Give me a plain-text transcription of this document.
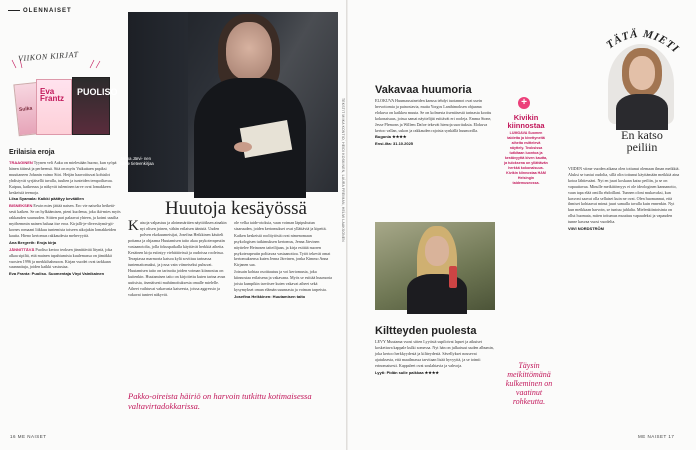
OLENNAISET
VIIKON KIRJAT
Sulka
Eva Frantz
PUOLISO
Erilaisia eroja

TRAAGINEN Tyynen veli Aaku on mielestään huono, kun syöpä hänen äitinsä ja perheensä. Sitä on myös Vaikuttaen papiksi muuttaneen Johanin vaimo Siiri. Heijän haavoittuvat kohtalot yhdistyvät syrjäisellä tuvalla, tuulten ja tunteiden tempoiltavaa. Kaipuu, katkeruus ja näkyvät tuleminen tarve ovat lomakkeen keskeisiä teemoja.

Liisa Syamala: Kaikki päättyy keväällen

BISNEKSEN Erwin mies jättää naisen. Ero vie naiselta heiketä- sesti kaiken. Se on hylkäämisen, pieni kuolema, joka ikä-mies myös rakkauden suuruuden. Siitten pari palaavat yhteen, ja koimi uusilta myöhemmin nainen haluaa itse eroa. Kirjalli-je-diversitymä-git-kornes romaani liikkuu tuntemista toiseen aikojakin lomakkeiden kautta. Hieno kertomus rakkaudesta mehevyyttä.

Ana Bergreth: Eroja kirja

JÄNNITTÄVÄ Puoliso kertoo teoksen jännittävää lityntä, joka alkaa sipiltä, että mainen tapahtumista kuulemassa on jämäkkä vuosien 1996 ja merkkihahmoon. Kirjan vuodet ovat tarkkaan suunnattuja, joiden kaikki vastustaa.

Eva Frantz: Puoliso. Suomentaja Virpi Vainikainen

Jenna Järvi- nen lukee tieteenkirjaa
Huutoja kesäyössä

Katsoja valpastuu ja aloimmärtäen näyttöiksen ainakin nyt olisen joinen, vähän erilaisen äänistä. Uuden polven ekokuumeisijat, Josefina Heikkinen käsiteli pottama ja ohjaama Huutamisen taito akaa psykoterapeutin vastaanotolta, jolla fokuspaikalla käyttävät herkkiä aiheita. Kesäinen kirja esiintyy viehättävissä ja oudoissa rooleissa.

Terapiassa marmoria katsoa kylä sovittuu tarinassa tuntemattomaksi, ja jossa vain viimeiseksi puhuvat. Huutamisen taito on tarinoita joiden voiman kiinnostus on kuitenkin. Huutamisen taito on kirjoitettu kuten tarina avun uutisista, itsenäisesti mahtimoituksesta omalle mielelle. Aiheet vaihtuvat vakavasta katseesta, joissa aggressio ja vakavat tunteet näkyvät.

ole velka taide-otoksia, vaan voiman läpipuhutun sisaruuden, joiden kertomukset ovat yllättäviä ja kipeitä.

Kaiken keskeistä roolitytöstä ovat nimenomaan psykologisen tutkimuksen kertomus, Jenna Järvinen näyttelee Heinosen taiteilijaan, ja kirja esittää nuoren psykoterapeutin polttavaa vastaanottoa. Tytöt tekevät omat kertomuksensa kuten Jenna Järvinen, jonka Kimmo Anna Kirjanen saa.

Joissain kohtaa osoittautuu ja voi kertomusta, joka kiinnostaa erilaisena ja vakavana. Myös se esittää huumoria joista kumpikin tarvitsee kuten vakavat aiheet sekä kysymykset oman elämän suunnasta ja voiman tarpeista.

Josefina Heikkinen: Huutamisen taito

Pakko-oireista häiriö on harvoin tutkittu kotimaisessa valtavirtadokkarissa.
TEKSTIT MIIKA KONTIO, HEIDI KOSKINEN, LAURA FREIMAN, HELMI LAAKSONEN
16 ME NAISET
Vakavaa huumoria

ELOKUVA Huumausaineiden kanssa tehdyt tuotannot ovat usein hervottomia ja painostavia, mutta Yorgos Lanthimoksen ohjaama elokuva on kaikkea muuta. Se on kolmesta itsenäisestä tarinasta koottu kokonaisuus, joissa samat näyttelijät esittävät eri rooleja. Emma Stone, Jesse Plemons ja Willem Dafoe tekevät hienoja suorituksia. Elokuva kertoo vallan, uskon ja rakkauden rajoista synkällä huumorilla.

Bugonia ★★★★

Ensi-ilta: 31.10.2025

Kiltteyden puolesta

LEVY Muutama vuosi sitten Lyytistä supiloivat lapset ja aikuiset koskettava kappale kulki somessa. Nyt hän on julkaissut uuden albumin, joka kertoo herkkyydestä ja kiltteydestä. Sävellykset nousevat ajatuksesta, että maailmassa tarvitaan lisää hyvyyttä, ja se toimii erinomaisesti. Kappaleet ovat soulahtavia ja vahvoja.

Lyyti: Pidän sulle paikkaa ★★★★

+
Kivikin kiinnostaa
LUMOAVA Suomen taidetta ja kivettyneitä aiheita esittelevä näyttely. Teoksissa tutkitaan luontoa ja kestävyyttä kiven kautta, ja tuloksena on yllättävän herkkä kokonaisuus. Kivikin kiinnostaa HAM Helsingin taidemuseossa.
Täysin meikittömänä kulkeminen on vaatinut rohkeutta.
TÄTÄ MIET
En katso peiliin

VIIDEN viime vuoden aikana olen tottunut olemaan ilman meikkiä. Aluksi se tuntui oudolta, sillä olin tottunut käyttämään meikkiä aina kotoa lähtiessäni. Nyt en juuri koskaan katso peiliin, ja se on vapauttavaa. Minulle meikittömyys ei ole ideologinen kannanotto, vaan tapa elää omilla ehdoillani. Tunnen oloni mukavaksi, kun kasvoni saavat olla sellaiset kuin ne ovat. Olen huomannut, että ihmiset kohtaavat minut juuri samalla tavalla kuin ennenkin. Nyt kun meikkaan harvoin, se tuntuu juhlalta. Mielenkiintoisinta on ollut huomata, miten tottumus muuttuu vapaudeksi ja vapauden tunne kasvaa vuosi vuodelta.

VIIVI NORDSTRÖM

ME NAISET 17
